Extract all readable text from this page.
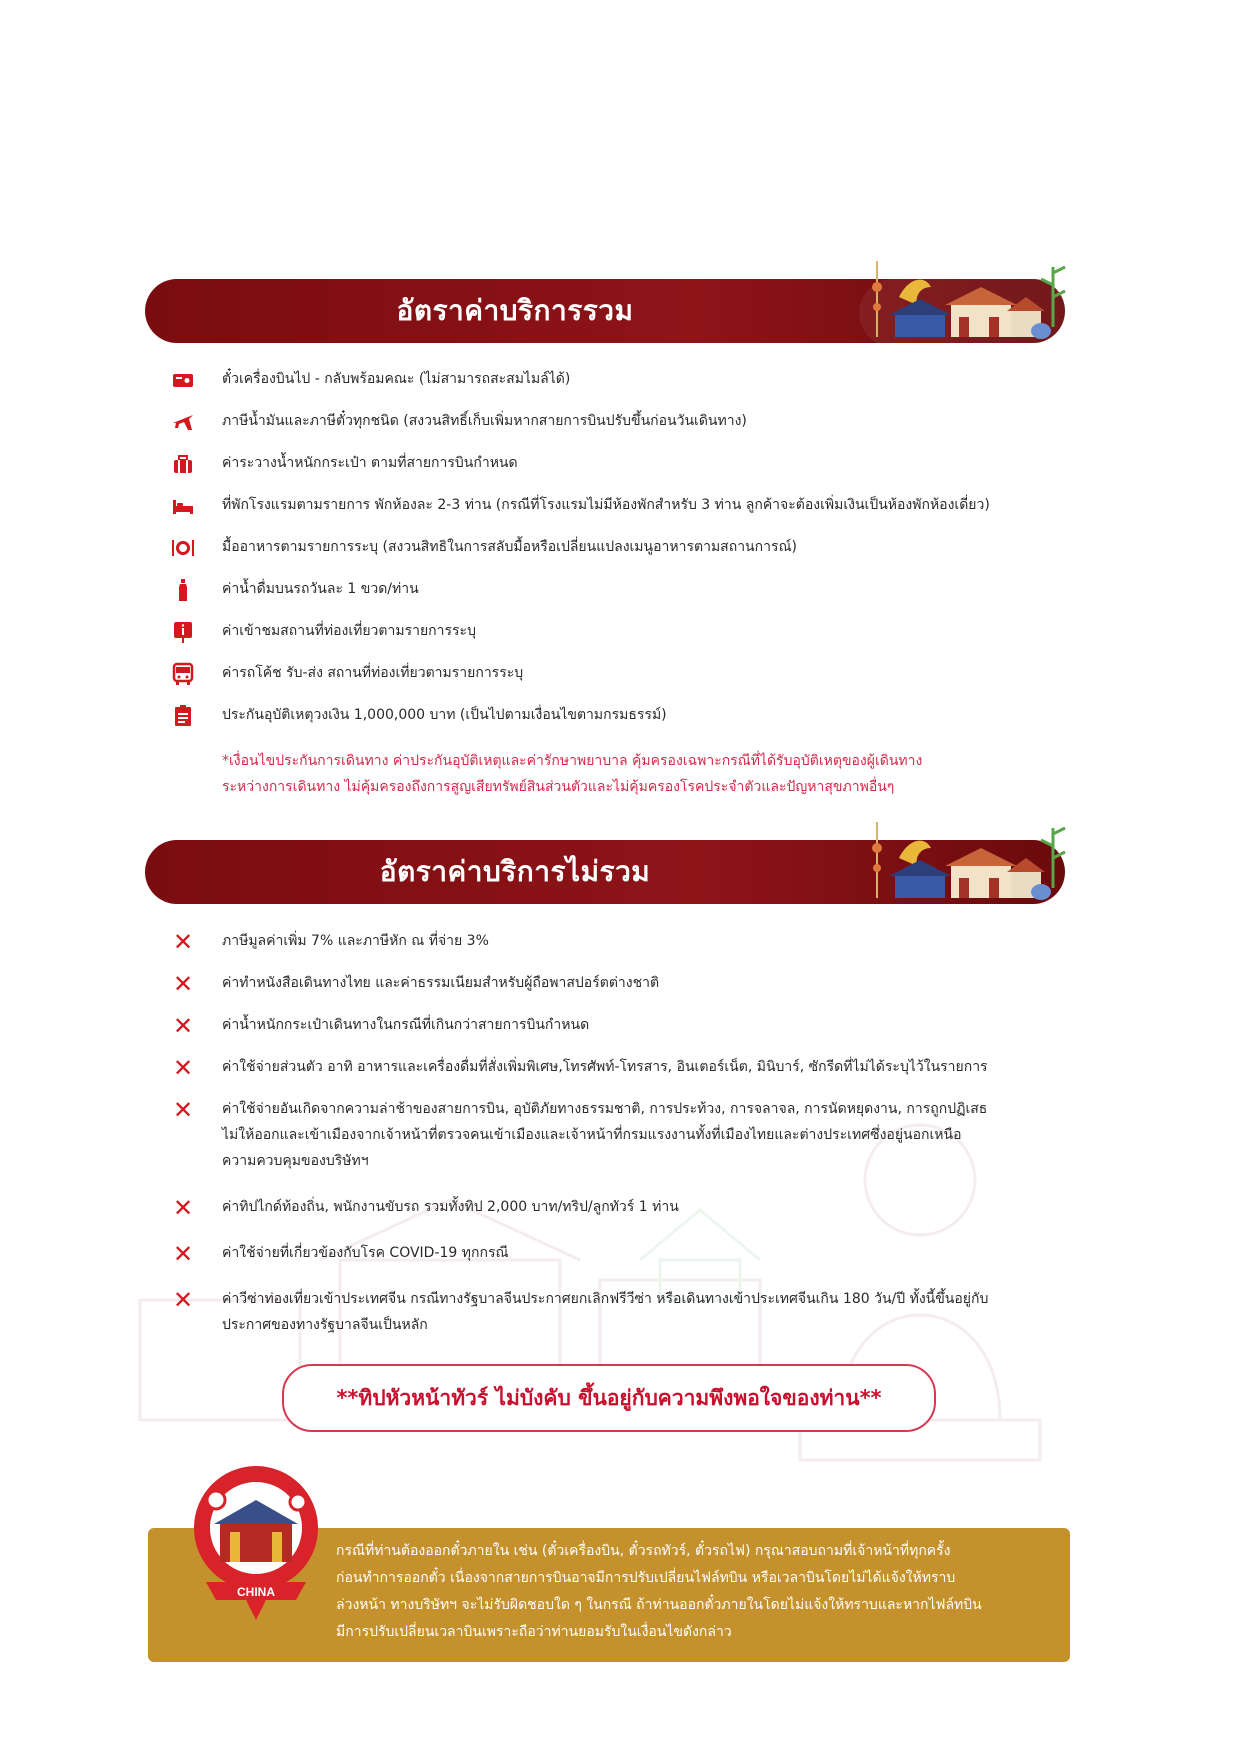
อัตราค่าบริการรวม
ตั๋วเครื่องบินไป - กลับพร้อมคณะ (ไม่สามารถสะสมไมล์ได้)
ภาษีน้ำมันและภาษีตั๋วทุกชนิด (สงวนสิทธิ์เก็บเพิ่มหากสายการบินปรับขึ้นก่อนวันเดินทาง)
ค่าระวางน้ำหนักกระเป๋า ตามที่สายการบินกำหนด
ที่พักโรงแรมตามรายการ พักห้องละ 2-3 ท่าน (กรณีที่โรงแรมไม่มีห้องพักสำหรับ 3 ท่าน ลูกค้าจะต้องเพิ่มเงินเป็นห้องพักห้องเดี่ยว)
มื้ออาหารตามรายการระบุ (สงวนสิทธิในการสลับมื้อหรือเปลี่ยนแปลงเมนูอาหารตามสถานการณ์)
ค่าน้ำดื่มบนรถวันละ 1 ขวด/ท่าน
ค่าเข้าชมสถานที่ท่องเที่ยวตามรายการระบุ
ค่ารถโค้ช รับ-ส่ง สถานที่ท่องเที่ยวตามรายการระบุ
ประกันอุบัติเหตุวงเงิน 1,000,000 บาท (เป็นไปตามเงื่อนไขตามกรมธรรม์)
*เงื่อนไขประกันการเดินทาง ค่าประกันอุบัติเหตุและค่ารักษาพยาบาล คุ้มครองเฉพาะกรณีที่ได้รับอุบัติเหตุของผู้เดินทาง
ระหว่างการเดินทาง ไม่คุ้มครองถึงการสูญเสียทรัพย์สินส่วนตัวและไม่คุ้มครองโรคประจำตัวและปัญหาสุขภาพอื่นๆ
อัตราค่าบริการไม่รวม
✕ ภาษีมูลค่าเพิ่ม 7% และภาษีหัก ณ ที่จ่าย 3%
✕ ค่าทำหนังสือเดินทางไทย และค่าธรรมเนียมสำหรับผู้ถือพาสปอร์ตต่างชาติ
✕ ค่าน้ำหนักกระเป๋าเดินทางในกรณีที่เกินกว่าสายการบินกำหนด
✕ ค่าใช้จ่ายส่วนตัว อาทิ อาหารและเครื่องดื่มที่สั่งเพิ่มพิเศษ,โทรศัพท์-โทรสาร, อินเตอร์เน็ต, มินิบาร์, ซักรีดที่ไม่ได้ระบุไว้ในรายการ
✕ ค่าใช้จ่ายอันเกิดจากความล่าช้าของสายการบิน, อุบัติภัยทางธรรมชาติ, การประท้วง, การจลาจล, การนัดหยุดงาน, การถูกปฏิเสธ
ไม่ให้ออกและเข้าเมืองจากเจ้าหน้าที่ตรวจคนเข้าเมืองและเจ้าหน้าที่กรมแรงงานทั้งที่เมืองไทยและต่างประเทศซึ่งอยู่นอกเหนือ
ความควบคุมของบริษัทฯ
✕ ค่าทิปไกด์ท้องถิ่น, พนักงานขับรถ รวมทั้งทิป 2,000 บาท/ทริป/ลูกทัวร์ 1 ท่าน
✕ ค่าใช้จ่ายที่เกี่ยวข้องกับโรค COVID-19 ทุกกรณี
✕ ค่าวีซ่าท่องเที่ยวเข้าประเทศจีน กรณีทางรัฐบาลจีนประกาศยกเลิกฟรีวีซ่า หรือเดินทางเข้าประเทศจีนเกิน 180 วัน/ปี ทั้งนี้ขึ้นอยู่กับ
ประกาศของทางรัฐบาลจีนเป็นหลัก
**ทิปหัวหน้าทัวร์ ไม่บังคับ ขึ้นอยู่กับความพึงพอใจของท่าน**
กรณีที่ท่านต้องออกตั๋วภายใน เช่น (ตั๋วเครื่องบิน, ตั๋วรถทัวร์, ตั๋วรถไฟ) กรุณาสอบถามที่เจ้าหน้าที่ทุกครั้ง
ก่อนทำการออกตั๋ว เนื่องจากสายการบินอาจมีการปรับเปลี่ยนไฟล์ทบิน หรือเวลาบินโดยไม่ได้แจ้งให้ทราบ
ล่วงหน้า ทางบริษัทฯ จะไม่รับผิดชอบใด ๆ ในกรณี ถ้าท่านออกตั๋วภายในโดยไม่แจ้งให้ทราบและหากไฟล์ทบิน
มีการปรับเปลี่ยนเวลาบินเพราะถือว่าท่านยอมรับในเงื่อนไขดังกล่าว
CHINA
